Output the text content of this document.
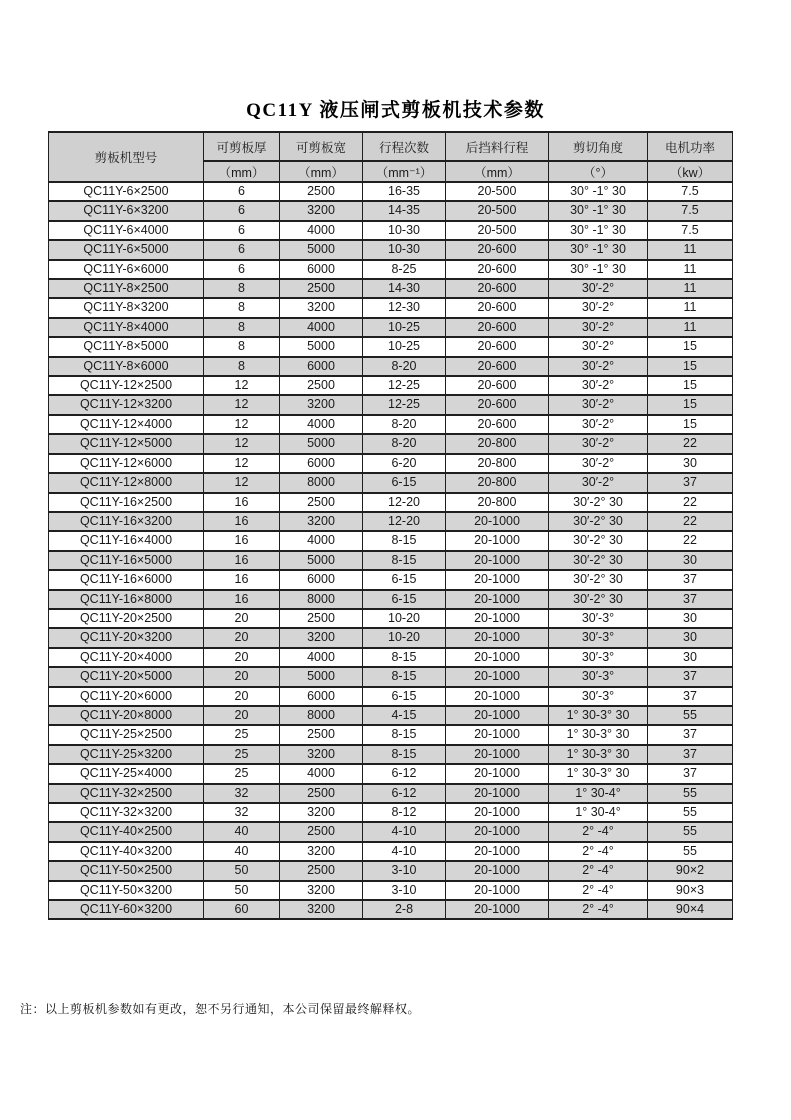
QC11Y 液压闸式剪板机技术参数
剪板机型号	可剪板厚	可剪板宽	行程次数	后挡料行程	剪切角度	电机功率
	（mm）	（mm）	（mm⁻¹）	（mm）	（°）	（kw）
QC11Y-6×2500	6	2500	16-35	20-500	30° -1° 30	7.5
QC11Y-6×3200	6	3200	14-35	20-500	30° -1° 30	7.5
QC11Y-6×4000	6	4000	10-30	20-500	30° -1° 30	7.5
QC11Y-6×5000	6	5000	10-30	20-600	30° -1° 30	11
QC11Y-6×6000	6	6000	8-25	20-600	30° -1° 30	11
QC11Y-8×2500	8	2500	14-30	20-600	30′-2°	11
QC11Y-8×3200	8	3200	12-30	20-600	30′-2°	11
QC11Y-8×4000	8	4000	10-25	20-600	30′-2°	11
QC11Y-8×5000	8	5000	10-25	20-600	30′-2°	15
QC11Y-8×6000	8	6000	8-20	20-600	30′-2°	15
QC11Y-12×2500	12	2500	12-25	20-600	30′-2°	15
QC11Y-12×3200	12	3200	12-25	20-600	30′-2°	15
QC11Y-12×4000	12	4000	8-20	20-600	30′-2°	15
QC11Y-12×5000	12	5000	8-20	20-800	30′-2°	22
QC11Y-12×6000	12	6000	6-20	20-800	30′-2°	30
QC11Y-12×8000	12	8000	6-15	20-800	30′-2°	37
QC11Y-16×2500	16	2500	12-20	20-800	30′-2° 30	22
QC11Y-16×3200	16	3200	12-20	20-1000	30′-2° 30	22
QC11Y-16×4000	16	4000	8-15	20-1000	30′-2° 30	22
QC11Y-16×5000	16	5000	8-15	20-1000	30′-2° 30	30
QC11Y-16×6000	16	6000	6-15	20-1000	30′-2° 30	37
QC11Y-16×8000	16	8000	6-15	20-1000	30′-2° 30	37
QC11Y-20×2500	20	2500	10-20	20-1000	30′-3°	30
QC11Y-20×3200	20	3200	10-20	20-1000	30′-3°	30
QC11Y-20×4000	20	4000	8-15	20-1000	30′-3°	30
QC11Y-20×5000	20	5000	8-15	20-1000	30′-3°	37
QC11Y-20×6000	20	6000	6-15	20-1000	30′-3°	37
QC11Y-20×8000	20	8000	4-15	20-1000	1° 30-3° 30	55
QC11Y-25×2500	25	2500	8-15	20-1000	1° 30-3° 30	37
QC11Y-25×3200	25	3200	8-15	20-1000	1° 30-3° 30	37
QC11Y-25×4000	25	4000	6-12	20-1000	1° 30-3° 30	37
QC11Y-32×2500	32	2500	6-12	20-1000	1° 30-4°	55
QC11Y-32×3200	32	3200	8-12	20-1000	1° 30-4°	55
QC11Y-40×2500	40	2500	4-10	20-1000	2° -4°	55
QC11Y-40×3200	40	3200	4-10	20-1000	2° -4°	55
QC11Y-50×2500	50	2500	3-10	20-1000	2° -4°	90×2
QC11Y-50×3200	50	3200	3-10	20-1000	2° -4°	90×3
QC11Y-60×3200	60	3200	2-8	20-1000	2° -4°	90×4
注：以上剪板机参数如有更改，恕不另行通知，本公司保留最终解释权。
